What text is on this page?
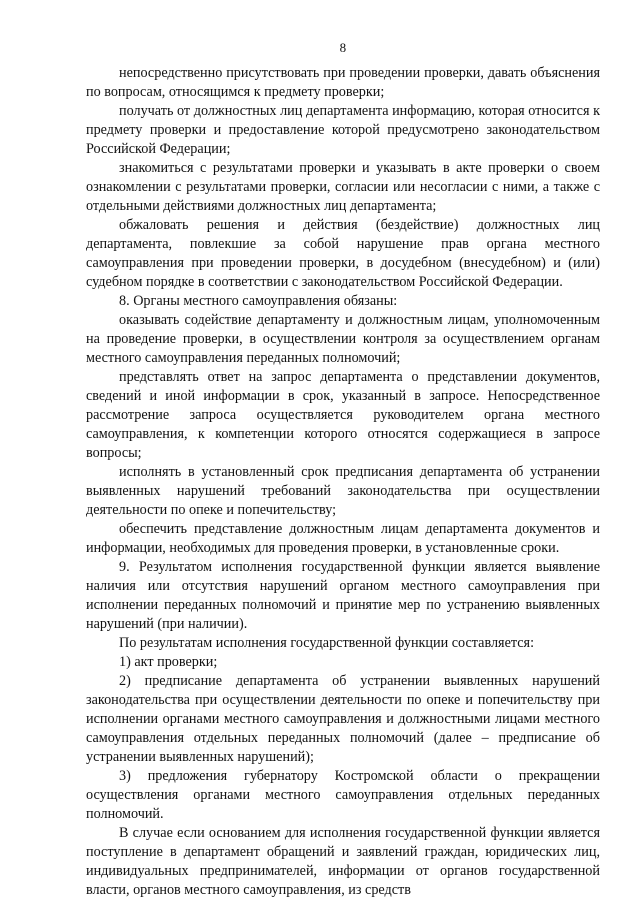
8

непосредственно присутствовать при проведении проверки, давать объяснения по вопросам, относящимся к предмету проверки;

получать от должностных лиц департамента информацию, которая относится к предмету проверки и предоставление которой предусмотрено законодательством Российской Федерации;

знакомиться с результатами проверки и указывать в акте проверки о своем ознакомлении с результатами проверки, согласии или несогласии с ними, а также с отдельными действиями должностных лиц департамента;

обжаловать решения и действия (бездействие) должностных лиц департамента, повлекшие за собой нарушение прав органа местного самоуправления при проведении проверки, в досудебном (внесудебном) и (или) судебном порядке в соответствии с законодательством Российской Федерации.

8. Органы местного самоуправления обязаны:

оказывать содействие департаменту и должностным лицам, уполномоченным на проведение проверки, в осуществлении контроля за осуществлением органам местного самоуправления переданных полномочий;

представлять ответ на запрос департамента о представлении документов, сведений и иной информации в срок, указанный в запросе. Непосредственное рассмотрение запроса осуществляется руководителем органа местного самоуправления, к компетенции которого относятся содержащиеся в запросе вопросы;

исполнять в установленный срок предписания департамента об устранении выявленных нарушений требований законодательства при осуществлении деятельности по опеке и попечительству;

обеспечить представление должностным лицам департамента документов и информации, необходимых для проведения проверки, в установленные сроки.

9. Результатом исполнения государственной функции является выявление наличия или отсутствия нарушений органом местного самоуправления при исполнении переданных полномочий и принятие мер по устранению выявленных нарушений (при наличии).

По результатам исполнения государственной функции составляется:

1) акт проверки;

2) предписание департамента об устранении выявленных нарушений законодательства при осуществлении деятельности по опеке и попечительству при исполнении органами местного самоуправления и должностными лицами местного самоуправления отдельных переданных полномочий (далее – предписание об устранении выявленных нарушений);

3) предложения губернатору Костромской области о прекращении осуществления органами местного самоуправления отдельных переданных полномочий.

В случае если основанием для исполнения государственной функции является поступление в департамент обращений и заявлений граждан, юридических лиц, индивидуальных предпринимателей, информации от органов государственной власти, органов местного самоуправления, из средств
